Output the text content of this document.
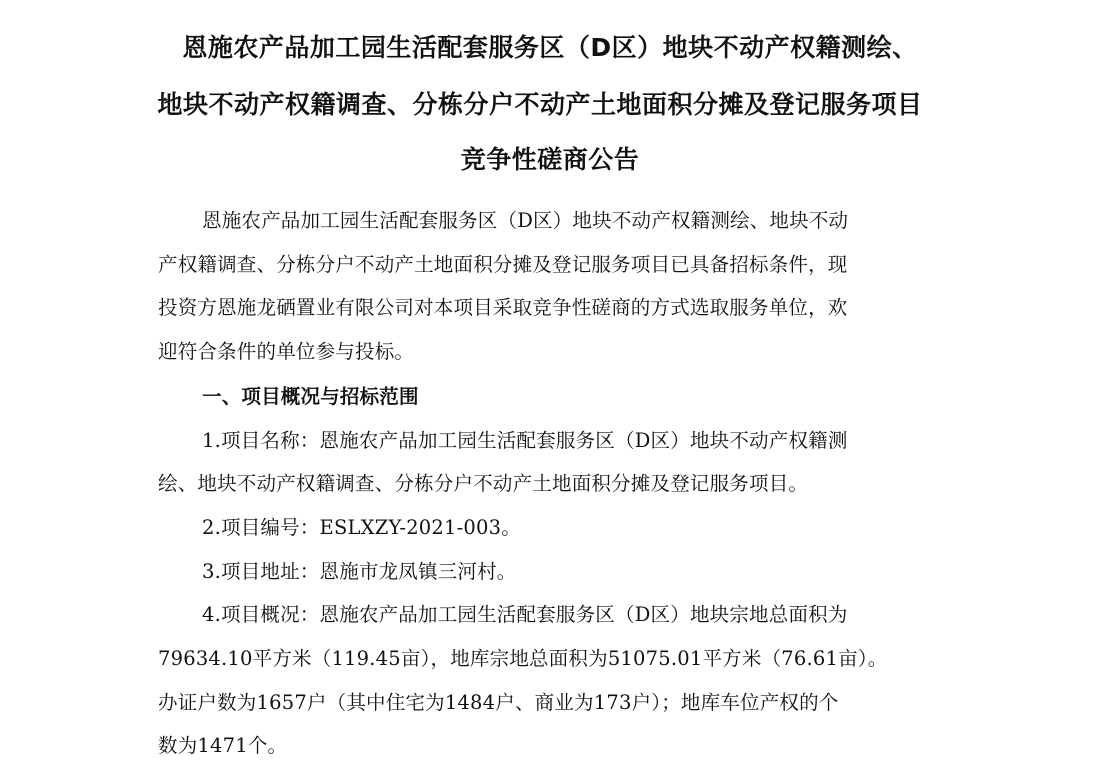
恩施农产品加工园生活配套服务区（D区）地块不动产权籍测绘、
地块不动产权籍调查、分栋分户不动产土地面积分摊及登记服务项目
竞争性磋商公告
恩施农产品加工园生活配套服务区（D区）地块不动产权籍测绘、地块不动
产权籍调查、分栋分户不动产土地面积分摊及登记服务项目已具备招标条件，现
投资方恩施龙硒置业有限公司对本项目采取竞争性磋商的方式选取服务单位，欢
迎符合条件的单位参与投标。
一、项目概况与招标范围
1.项目名称：恩施农产品加工园生活配套服务区（D区）地块不动产权籍测
绘、地块不动产权籍调查、分栋分户不动产土地面积分摊及登记服务项目。
2.项目编号：ESLXZY-2021-003。
3.项目地址：恩施市龙凤镇三河村。
4.项目概况：恩施农产品加工园生活配套服务区（D区）地块宗地总面积为
79634.10平方米（119.45亩），地库宗地总面积为51075.01平方米（76.61亩）。
办证户数为1657户（其中住宅为1484户、商业为173户）；地库车位产权的个
数为1471个。
